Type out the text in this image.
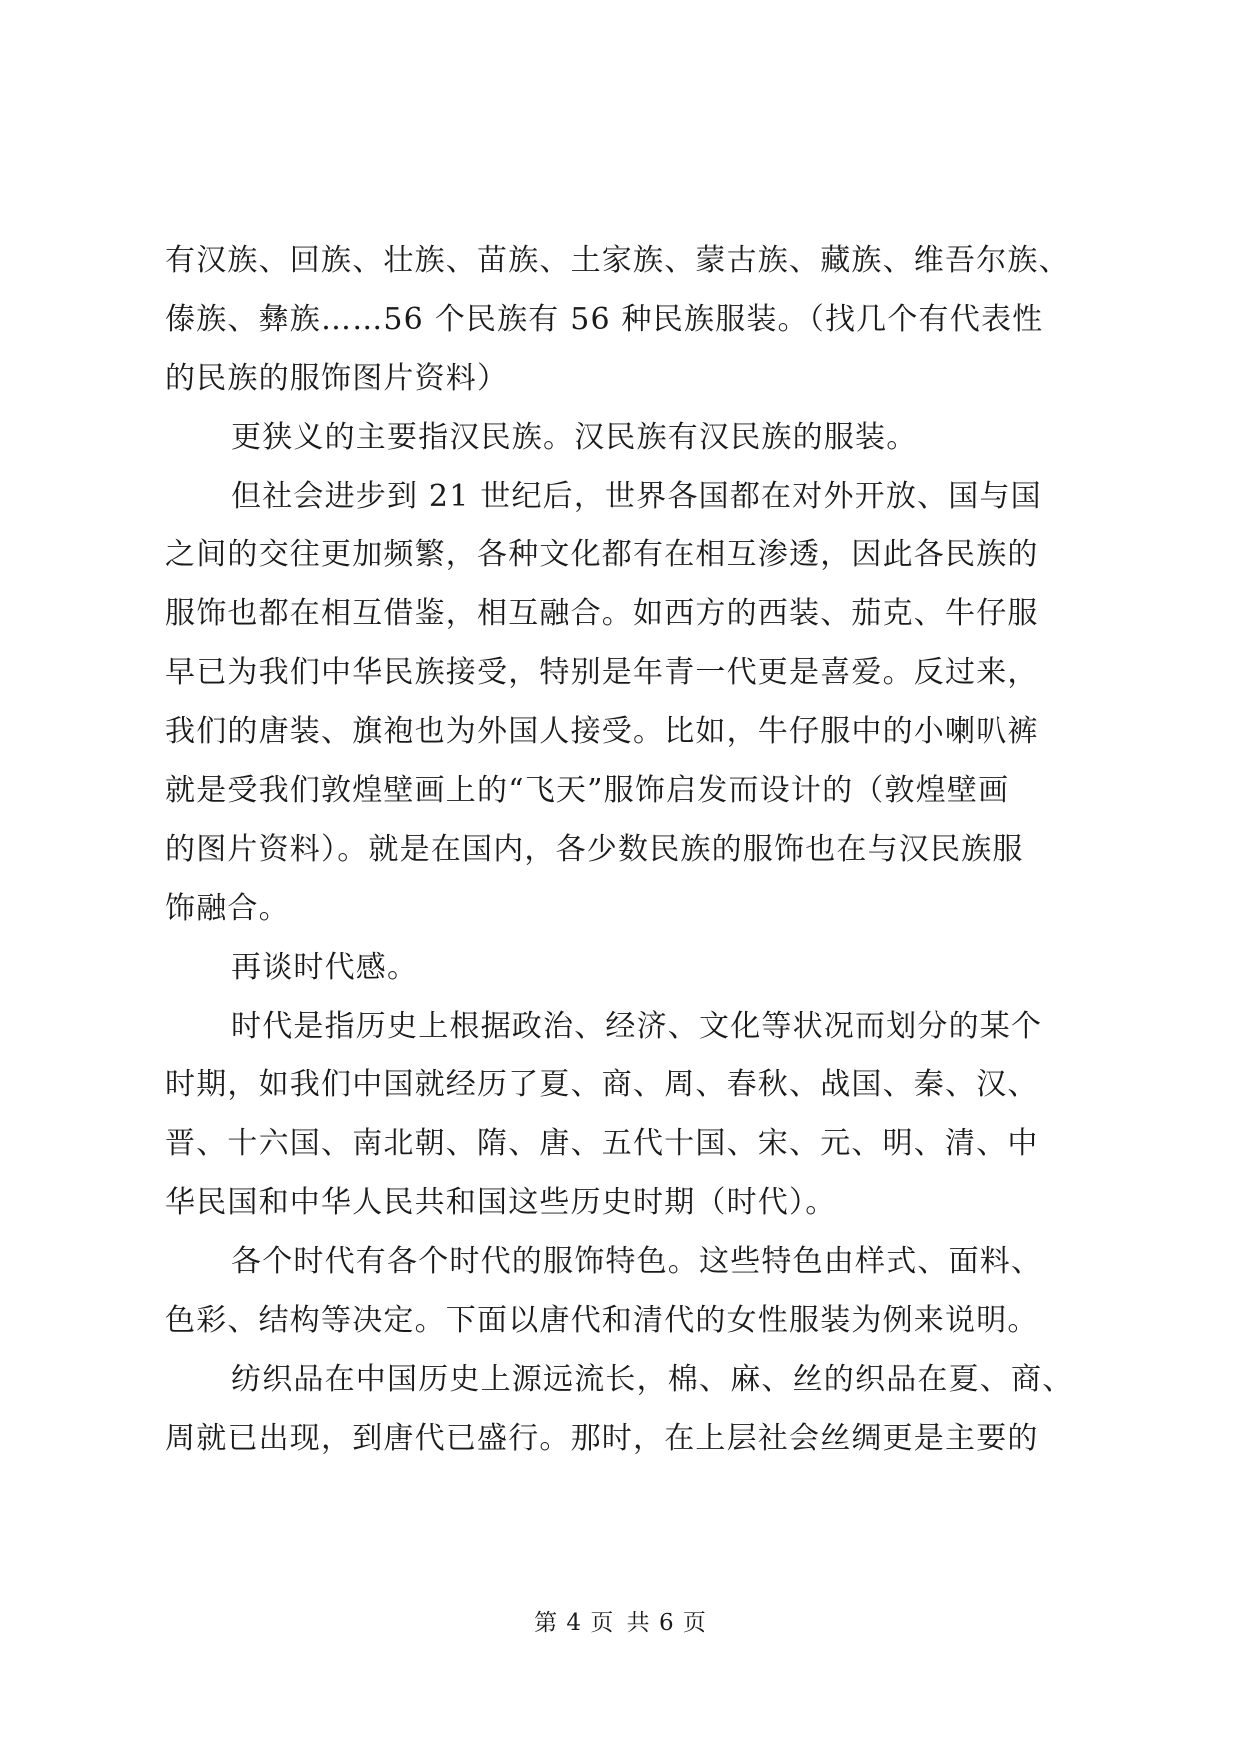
有汉族、回族、壮族、苗族、土家族、蒙古族、藏族、维吾尔族、
傣族、彝族……56 个民族有 56 种民族服装。（找几个有代表性
的民族的服饰图片资料）

更狭义的主要指汉民族。汉民族有汉民族的服装。

但社会进步到 21 世纪后，世界各国都在对外开放、国与国
之间的交往更加频繁，各种文化都有在相互渗透，因此各民族的
服饰也都在相互借鉴，相互融合。如西方的西装、茄克、牛仔服
早已为我们中华民族接受，特别是年青一代更是喜爱。反过来，
我们的唐装、旗袍也为外国人接受。比如，牛仔服中的小喇叭裤
就是受我们敦煌壁画上的“飞天”服饰启发而设计的（敦煌壁画
的图片资料）。就是在国内，各少数民族的服饰也在与汉民族服
饰融合。

再谈时代感。

时代是指历史上根据政治、经济、文化等状况而划分的某个
时期，如我们中国就经历了夏、商、周、春秋、战国、秦、汉、
晋、十六国、南北朝、隋、唐、五代十国、宋、元、明、清、中
华民国和中华人民共和国这些历史时期（时代）。

各个时代有各个时代的服饰特色。这些特色由样式、面料、
色彩、结构等决定。下面以唐代和清代的女性服装为例来说明。

纺织品在中国历史上源远流长，棉、麻、丝的织品在夏、商、
周就已出现，到唐代已盛行。那时，在上层社会丝绸更是主要的

第 4 页 共 6 页
